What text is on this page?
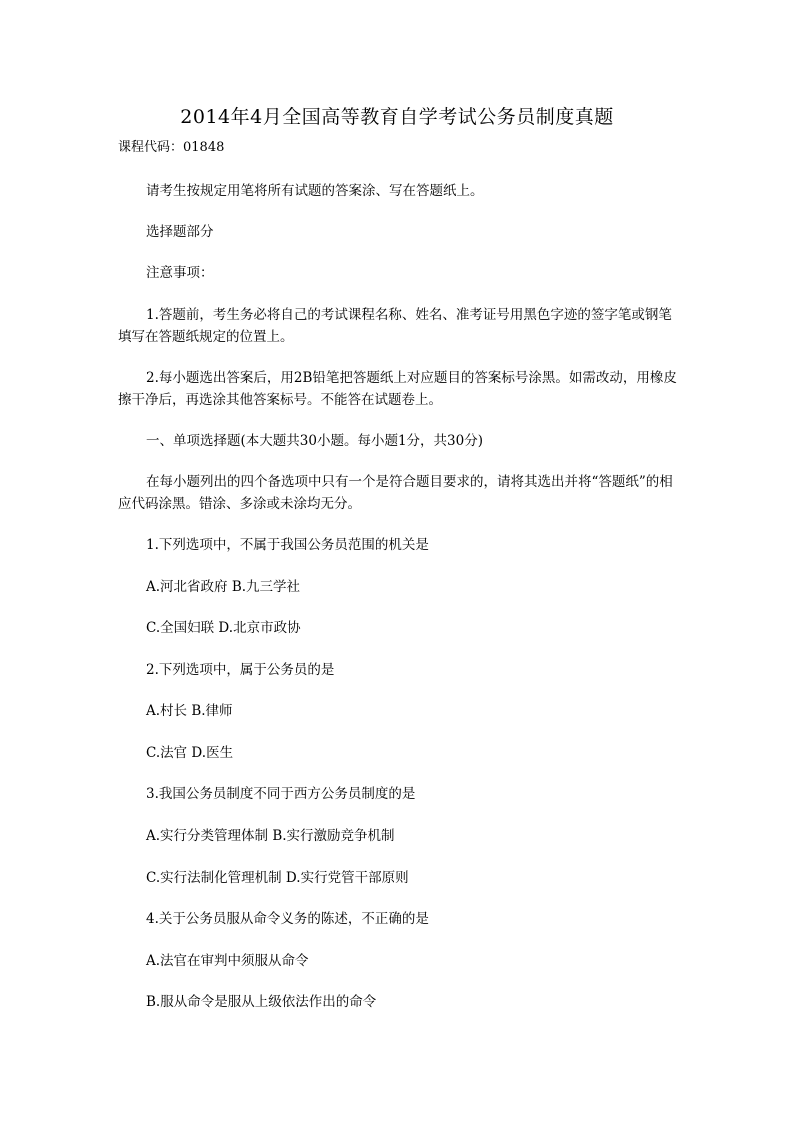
2014年4月全国高等教育自学考试公务员制度真题
课程代码：01848
请考生按规定用笔将所有试题的答案涂、写在答题纸上。
选择题部分
注意事项：
1.答题前，考生务必将自己的考试课程名称、姓名、准考证号用黑色字迹的签字笔或钢笔填写在答题纸规定的位置上。
2.每小题选出答案后，用2B铅笔把答题纸上对应题目的答案标号涂黑。如需改动，用橡皮擦干净后，再选涂其他答案标号。不能答在试题卷上。
一、单项选择题(本大题共30小题。每小题1分，共30分)
在每小题列出的四个备选项中只有一个是符合题目要求的，请将其选出并将“答题纸”的相应代码涂黑。错涂、多涂或未涂均无分。
1.下列选项中，不属于我国公务员范围的机关是
A.河北省政府 B.九三学社
C.全国妇联 D.北京市政协
2.下列选项中，属于公务员的是
A.村长 B.律师
C.法官 D.医生
3.我国公务员制度不同于西方公务员制度的是
A.实行分类管理体制 B.实行激励竞争机制
C.实行法制化管理机制 D.实行党管干部原则
4.关于公务员服从命令义务的陈述，不正确的是
A.法官在审判中须服从命令
B.服从命令是服从上级依法作出的命令
